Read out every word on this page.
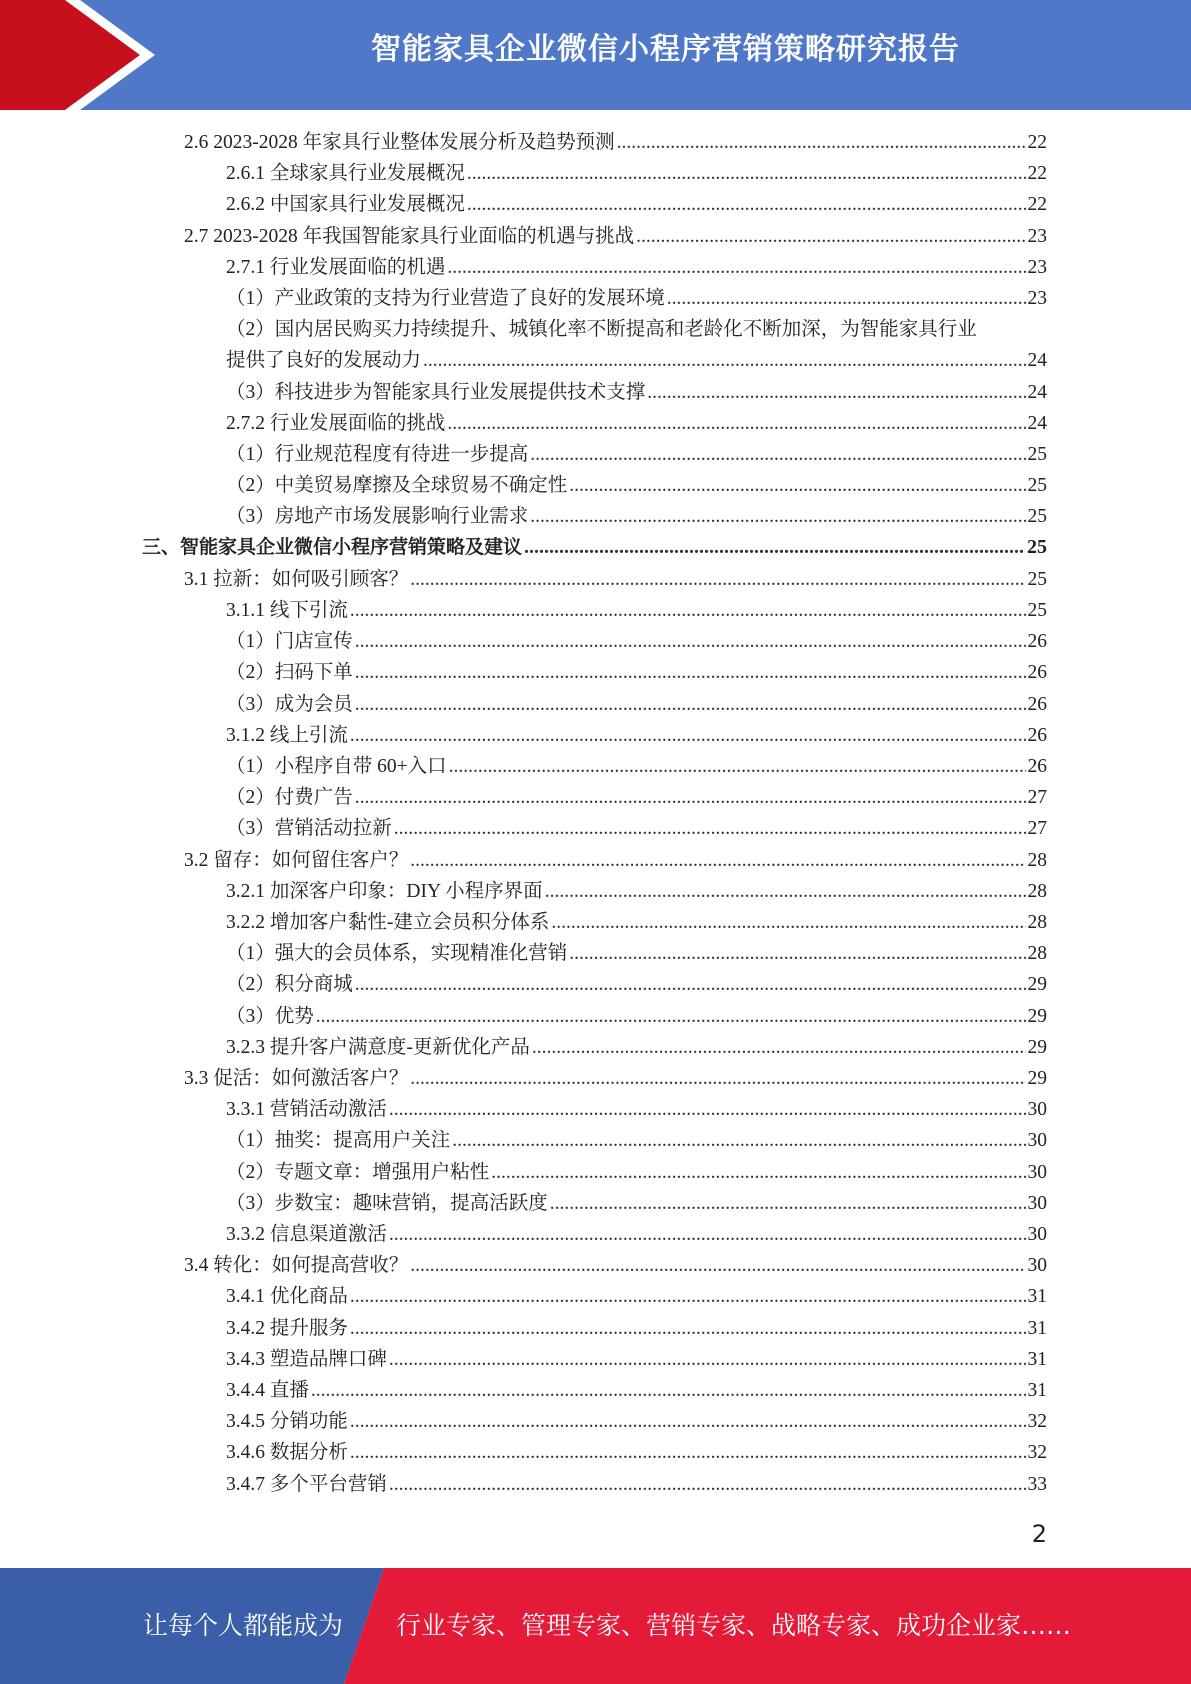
智能家具企业微信小程序营销策略研究报告
2.6 2023-2028 年家具行业整体发展分析及趋势预测 .....	22
2.6.1 全球家具行业发展概况 .....	22
2.6.2 中国家具行业发展概况 .....	22
2.7 2023-2028 年我国智能家具行业面临的机遇与挑战 .....	23
2.7.1 行业发展面临的机遇 .....	23
（1）产业政策的支持为行业营造了良好的发展环境 .....	23
（2）国内居民购买力持续提升、城镇化率不断提高和老龄化不断加深，为智能家具行业
提供了良好的发展动力 .....	24
（3）科技进步为智能家具行业发展提供技术支撑 .....	24
2.7.2 行业发展面临的挑战 .....	24
（1）行业规范程度有待进一步提高 .....	25
（2）中美贸易摩擦及全球贸易不确定性 .....	25
（3）房地产市场发展影响行业需求 .....	25
三、智能家具企业微信小程序营销策略及建议 .....	25
3.1 拉新：如何吸引顾客？ .....	25
3.1.1 线下引流 .....	25
（1）门店宣传 .....	26
（2）扫码下单 .....	26
（3）成为会员 .....	26
3.1.2 线上引流 .....	26
（1）小程序自带 60+入口 .....	26
（2）付费广告 .....	27
（3）营销活动拉新 .....	27
3.2 留存：如何留住客户？ .....	28
3.2.1 加深客户印象：DIY 小程序界面 .....	28
3.2.2 增加客户黏性-建立会员积分体系 .....	28
（1）强大的会员体系，实现精准化营销 .....	28
（2）积分商城 .....	29
（3）优势 .....	29
3.2.3 提升客户满意度-更新优化产品 .....	29
3.3 促活：如何激活客户？ .....	29
3.3.1 营销活动激活 .....	30
（1）抽奖：提高用户关注 .....	30
（2）专题文章：增强用户粘性 .....	30
（3）步数宝：趣味营销，提高活跃度 .....	30
3.3.2 信息渠道激活 .....	30
3.4 转化：如何提高营收？ .....	30
3.4.1 优化商品 .....	31
3.4.2 提升服务 .....	31
3.4.3 塑造品牌口碑 .....	31
3.4.4 直播 .....	31
3.4.5 分销功能 .....	32
3.4.6 数据分析 .....	32
3.4.7 多个平台营销 .....	33
2
让每个人都能成为 行业专家、管理专家、营销专家、战略专家、成功企业家……
